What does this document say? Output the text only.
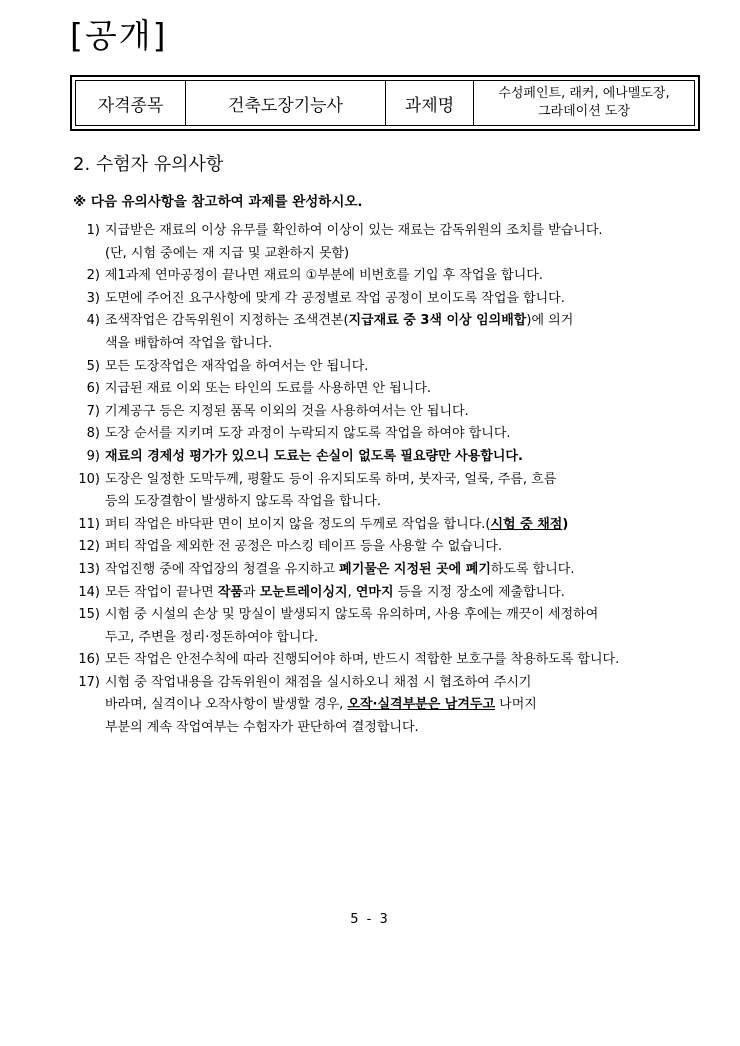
[공개]
자격종목	건축도장기능사	과제명
수성페인트, 래커, 에나멜도장,
그라데이션 도장
2. 수험자 유의사항
※ 다음 유의사항을 참고하여 과제를 완성하시오.
1) 지급받은 재료의 이상 유무를 확인하여 이상이 있는 재료는 감독위원의 조치를 받습니다.
(단, 시험 중에는 재 지급 및 교환하지 못함)
2) 제1과제 연마공정이 끝나면 재료의 ①부분에 비번호를 기입 후 작업을 합니다.
3) 도면에 주어진 요구사항에 맞게 각 공정별로 작업 공정이 보이도록 작업을 합니다.
4) 조색작업은 감독위원이 지정하는 조색견본(지급재료 중 3색 이상 임의배합)에 의거
색을 배합하여 작업을 합니다.
5) 모든 도장작업은 재작업을 하여서는 안 됩니다.
6) 지급된 재료 이외 또는 타인의 도료를 사용하면 안 됩니다.
7) 기계공구 등은 지정된 품목 이외의 것을 사용하여서는 안 됩니다.
8) 도장 순서를 지키며 도장 과정이 누락되지 않도록 작업을 하여야 합니다.
9) 재료의 경제성 평가가 있으니 도료는 손실이 없도록 필요량만 사용합니다.
10) 도장은 일정한 도막두께, 평활도 등이 유지되도록 하며, 붓자국, 얼룩, 주름, 흐름
등의 도장결함이 발생하지 않도록 작업을 합니다.
11) 퍼티 작업은 바닥판 면이 보이지 않을 정도의 두께로 작업을 합니다.(시험 중 채점)
12) 퍼티 작업을 제외한 전 공정은 마스킹 테이프 등을 사용할 수 없습니다.
13) 작업진행 중에 작업장의 청결을 유지하고 폐기물은 지정된 곳에 폐기하도록 합니다.
14) 모든 작업이 끝나면 작품과 모눈트레이싱지, 연마지 등을 지정 장소에 제출합니다.
15) 시험 중 시설의 손상 및 망실이 발생되지 않도록 유의하며, 사용 후에는 깨끗이 세정하여
두고, 주변을 정리·정돈하여야 합니다.
16) 모든 작업은 안전수칙에 따라 진행되어야 하며, 반드시 적합한 보호구를 착용하도록 합니다.
17) 시험 중 작업내용을 감독위원이 채점을 실시하오니 채점 시 협조하여 주시기
바라며, 실격이나 오작사항이 발생할 경우, 오작·실격부분은 남겨두고 나머지
부분의 계속 작업여부는 수험자가 판단하여 결정합니다.
5 - 3
